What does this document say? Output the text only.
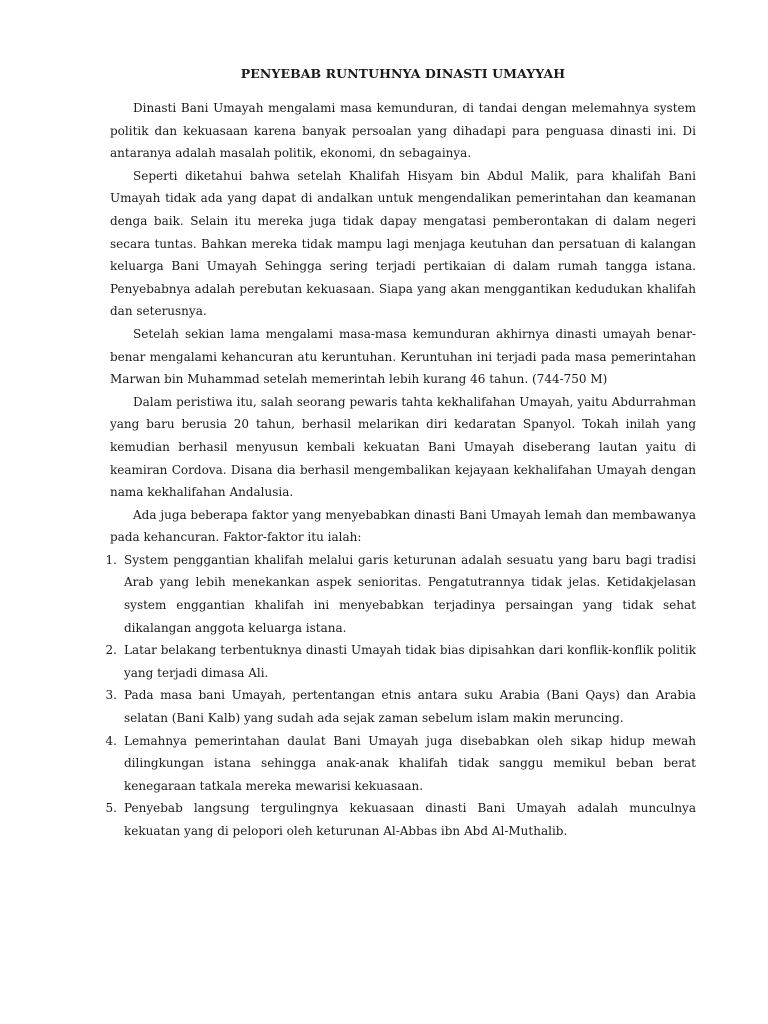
PENYEBAB RUNTUHNYA DINASTI UMAYYAH

Dinasti Bani Umayah mengalami masa kemunduran, di tandai dengan melemahnya system politik dan kekuasaan karena banyak persoalan yang dihadapi para penguasa dinasti ini. Di antaranya adalah masalah politik, ekonomi, dn sebagainya.

Seperti diketahui bahwa setelah Khalifah Hisyam bin Abdul Malik, para khalifah Bani Umayah tidak ada yang dapat di andalkan untuk mengendalikan pemerintahan dan keamanan denga baik. Selain itu mereka juga tidak dapay mengatasi pemberontakan di dalam negeri secara tuntas. Bahkan mereka tidak mampu lagi menjaga keutuhan dan persatuan di kalangan keluarga Bani Umayah Sehingga sering terjadi pertikaian di dalam rumah tangga istana. Penyebabnya adalah perebutan kekuasaan. Siapa yang akan menggantikan kedudukan khalifah dan seterusnya.

Setelah sekian lama mengalami masa-masa kemunduran akhirnya dinasti umayah benar-benar mengalami kehancuran atu keruntuhan. Keruntuhan ini terjadi pada masa pemerintahan Marwan bin Muhammad setelah memerintah lebih kurang 46 tahun. (744-750 M)

Dalam peristiwa itu, salah seorang pewaris tahta kekhalifahan Umayah, yaitu Abdurrahman yang baru berusia 20 tahun, berhasil melarikan diri kedaratan Spanyol. Tokah inilah yang kemudian berhasil menyusun kembali kekuatan Bani Umayah diseberang lautan yaitu di keamiran Cordova. Disana dia berhasil mengembalikan kejayaan kekhalifahan Umayah dengan nama kekhalifahan Andalusia.

Ada juga beberapa faktor yang menyebabkan dinasti Bani Umayah lemah dan membawanya pada kehancuran. Faktor-faktor itu ialah:

1. System penggantian khalifah melalui garis keturunan adalah sesuatu yang baru bagi tradisi Arab yang lebih menekankan aspek senioritas. Pengatutrannya tidak jelas. Ketidakjelasan system enggantian khalifah ini menyebabkan terjadinya persaingan yang tidak sehat dikalangan anggota keluarga istana.
2. Latar belakang terbentuknya dinasti Umayah tidak bias dipisahkan dari konflik-konflik politik yang terjadi dimasa Ali.
3. Pada masa bani Umayah, pertentangan etnis antara suku Arabia (Bani Qays) dan Arabia selatan (Bani Kalb) yang sudah ada sejak zaman sebelum islam makin meruncing.
4. Lemahnya pemerintahan daulat Bani Umayah juga disebabkan oleh sikap hidup mewah dilingkungan istana sehingga anak-anak khalifah tidak sanggu memikul beban berat kenegaraan tatkala mereka mewarisi kekuasaan.
5. Penyebab langsung tergulingnya kekuasaan dinasti Bani Umayah adalah munculnya kekuatan yang di pelopori oleh keturunan Al-Abbas ibn Abd Al-Muthalib.
